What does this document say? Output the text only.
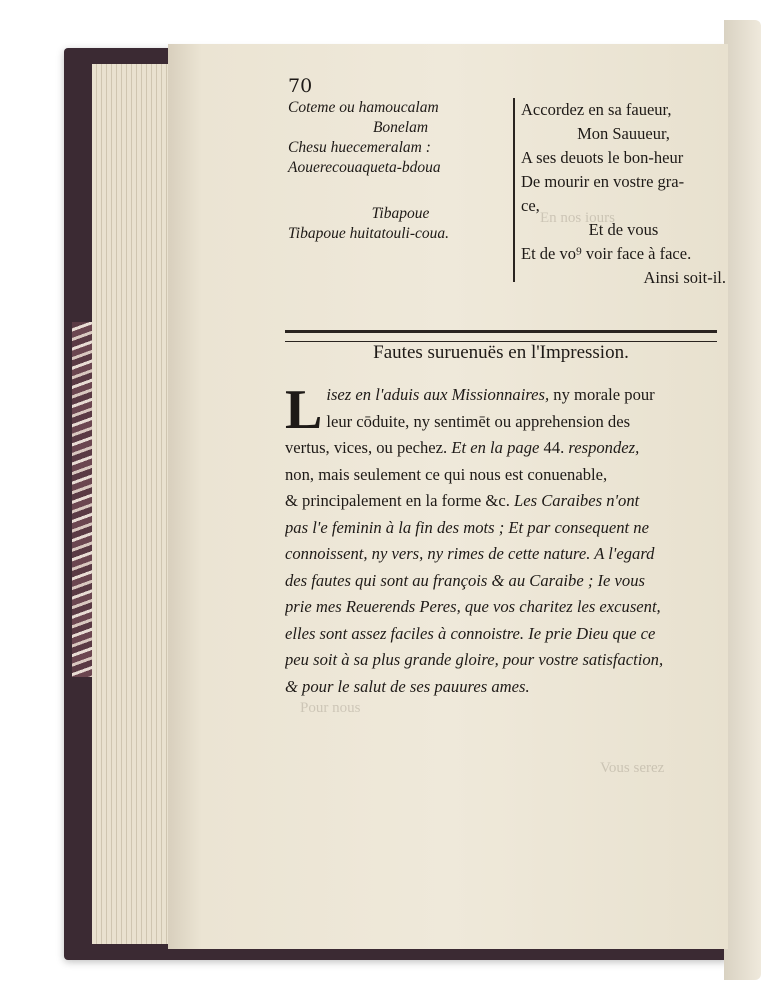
En nos iours
Pour nous
Vous serez
70
Coteme ou hamoucalam
Bonelam
Chesu huecemeralam :
Aouerecouaqueta-bdoua

Tibapoue
Tibapoue huitatouli-coua.
Accordez en sa faueur,
Mon Sauueur,
A ses deuots le bon-heur
De mourir en vostre gra-
ce,
Et de vous
Et de vo⁹ voir face à face.
Ainsi soit-il.
Fautes suruenuës en l'Impression.
L isez en l'aduis aux Missionnaires, ny morale pour
leur cōduite, ny sentimēt ou apprehension des
vertus, vices, ou pechez. Et en la page 44. respondez,
non, mais seulement ce qui nous est conuenable,
& principalement en la forme &c. Les Caraibes n'ont
pas l'e feminin à la fin des mots ; Et par consequent ne
connoissent, ny vers, ny rimes de cette nature. A l'egard
des fautes qui sont au françois & au Caraibe ; Ie vous
prie mes Reuerends Peres, que vos charitez les excusent,
elles sont assez faciles à connoistre. Ie prie Dieu que ce
peu soit à sa plus grande gloire, pour vostre satisfaction,
& pour le salut de ses pauures ames.
